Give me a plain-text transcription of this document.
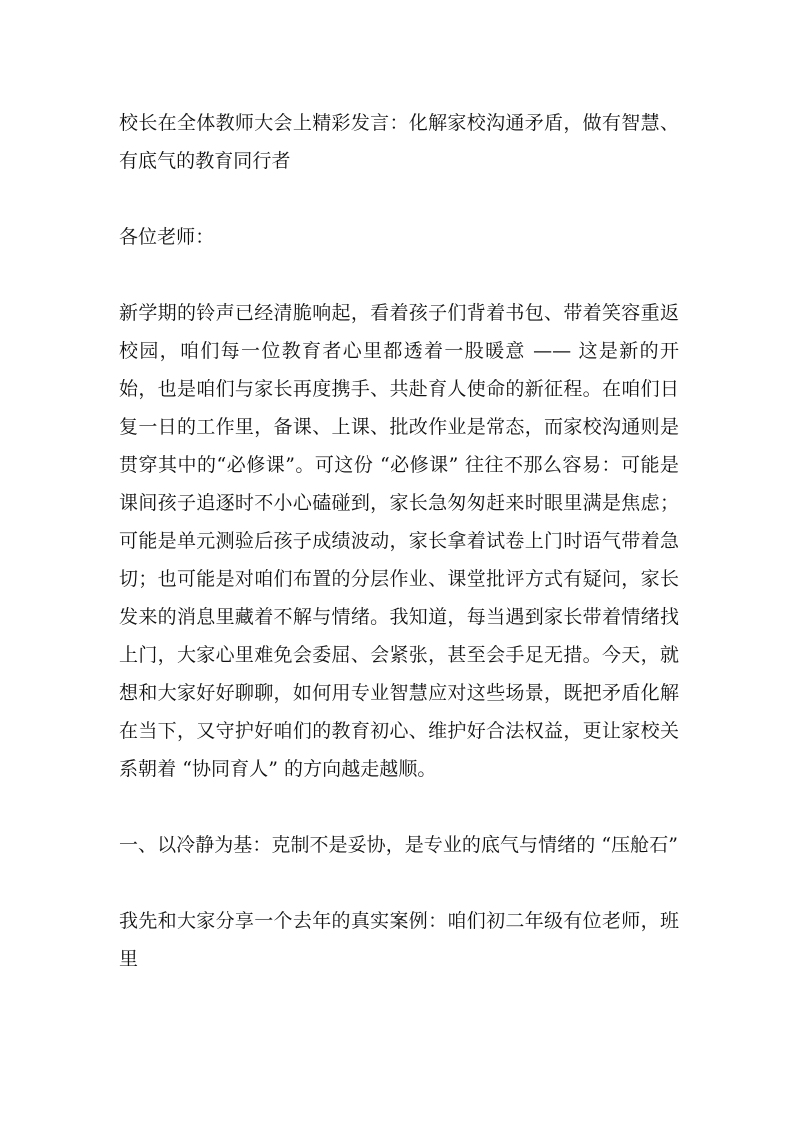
校长在全体教师大会上精彩发言：化解家校沟通矛盾，做有智慧、有底气的教育同行者

各位老师：

新学期的铃声已经清脆响起，看着孩子们背着书包、带着笑容重返校园，咱们每一位教育者心里都透着一股暖意 —— 这是新的开始，也是咱们与家长再度携手、共赴育人使命的新征程。在咱们日复一日的工作里，备课、上课、批改作业是常态，而家校沟通则是贯穿其中的“必修课”。可这份 “必修课” 往往不那么容易：可能是课间孩子追逐时不小心磕碰到，家长急匆匆赶来时眼里满是焦虑；可能是单元测验后孩子成绩波动，家长拿着试卷上门时语气带着急切；也可能是对咱们布置的分层作业、课堂批评方式有疑问，家长发来的消息里藏着不解与情绪。我知道，每当遇到家长带着情绪找上门，大家心里难免会委屈、会紧张，甚至会手足无措。今天，就想和大家好好聊聊，如何用专业智慧应对这些场景，既把矛盾化解在当下，又守护好咱们的教育初心、维护好合法权益，更让家校关系朝着 “协同育人” 的方向越走越顺。

一、以冷静为基：克制不是妥协，是专业的底气与情绪的 “压舱石”

我先和大家分享一个去年的真实案例：咱们初二年级有位老师，班里
